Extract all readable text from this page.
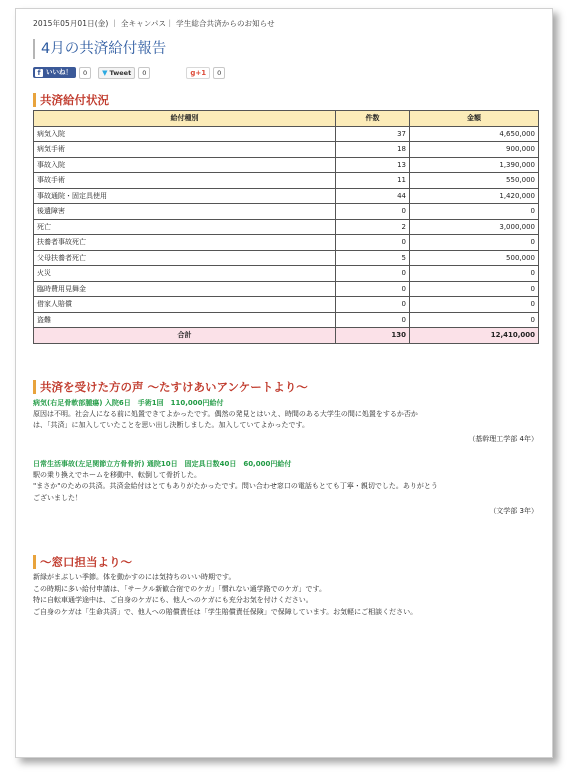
2015年05月01日(金) ｜ 全キャンパス｜ 学生総合共済からのお知らせ
4月の共済給付報告
f いいね！	0	▼ Tweet	0	g+1	0
共済給付状況
給付種別	件数	金額
病気入院	37	4,650,000
病気手術	18	900,000
事故入院	13	1,390,000
事故手術	11	550,000
事故通院・固定具使用	44	1,420,000
後遺障害	0	0
死亡	2	3,000,000
扶養者事故死亡	0	0
父母扶養者死亡	5	500,000
火災	0	0
臨時費用見舞金	0	0
借家人賠償	0	0
盗難	0	0
合計	130	12,410,000
共済を受けた方の声 ～たすけあいアンケートより～
病気(右足骨軟部腫瘍) 入院6日　手術1回　110,000円給付
原因は不明。社会人になる前に処置できてよかったです。偶然の発見とはいえ、時間のある大学生の間に処置をするか否か
は、「共済」に加入していたことを思い出し決断しました。加入していてよかったです。
（基幹理工学部 4年）
日常生活事故(左足関節立方骨骨折) 通院10日　固定具日数40日　60,000円給付
駅の乗り換えでホームを移動中、転倒して骨折した。
"まさか"のための共済。共済金給付はとてもありがたかったです。問い合わせ窓口の電話もとても丁寧・親切でした。ありがとう
ございました！
（文学部 3年）
～窓口担当より～
新緑がまぶしい季節。体を動かすのには気持ちのいい時期です。
この時期に多い給付申請は、「サークル新歓合宿でのケガ」「慣れない通学路でのケガ」です。
特に自転車通学途中は、ご自身のケガにも、他人へのケガにも充分お気を付けください。
ご自身のケガは「生命共済」で、他人への賠償責任は「学生賠償責任保険」で保障しています。お気軽にご相談ください。
